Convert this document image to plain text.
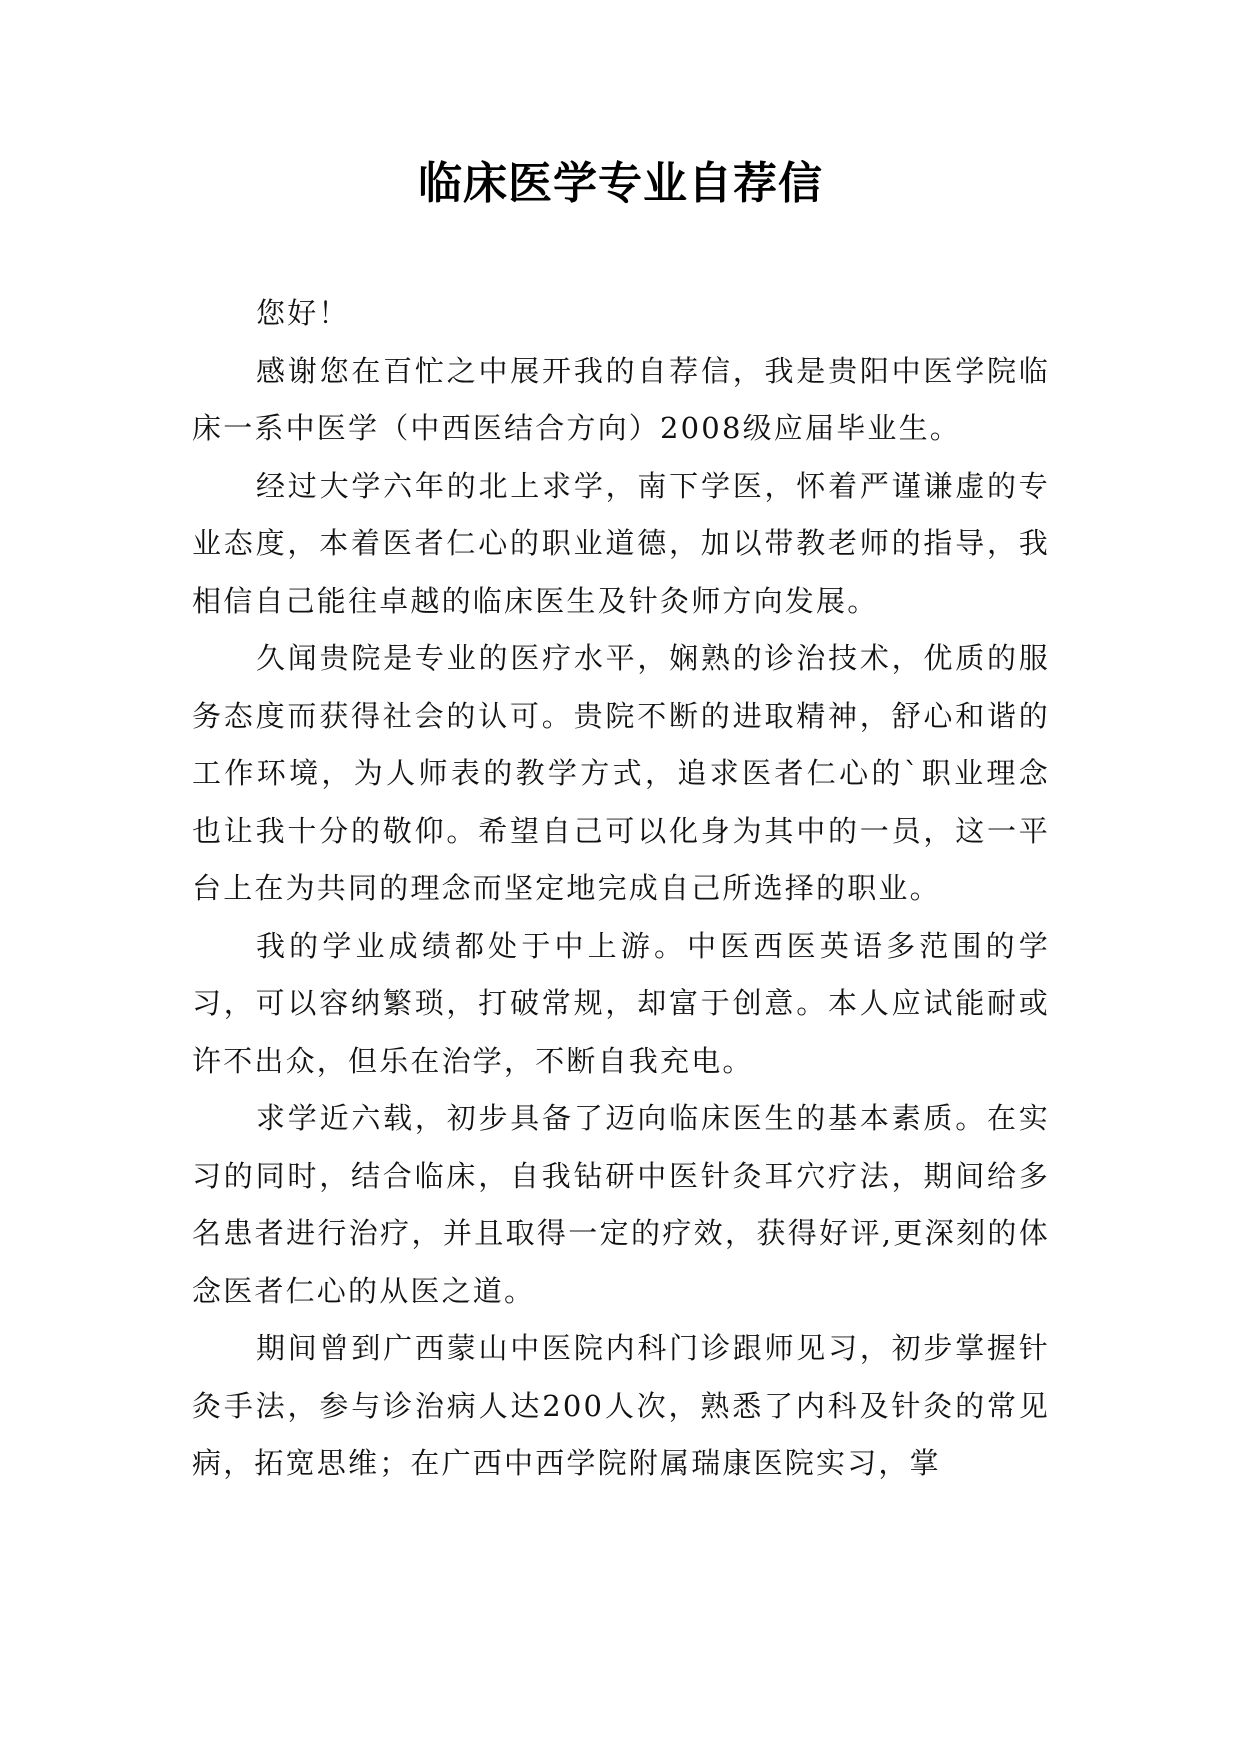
临床医学专业自荐信

您好！

感谢您在百忙之中展开我的自荐信，我是贵阳中医学院临床一系中医学（中西医结合方向）2008级应届毕业生。

经过大学六年的北上求学，南下学医，怀着严谨谦虚的专业态度，本着医者仁心的职业道德，加以带教老师的指导，我相信自己能往卓越的临床医生及针灸师方向发展。

久闻贵院是专业的医疗水平，娴熟的诊治技术，优质的服务态度而获得社会的认可。贵院不断的进取精神，舒心和谐的工作环境，为人师表的教学方式，追求医者仁心的`职业理念也让我十分的敬仰。希望自己可以化身为其中的一员，这一平台上在为共同的理念而坚定地完成自己所选择的职业。

我的学业成绩都处于中上游。中医西医英语多范围的学习，可以容纳繁琐，打破常规，却富于创意。本人应试能耐或许不出众，但乐在治学，不断自我充电。

求学近六载，初步具备了迈向临床医生的基本素质。在实习的同时，结合临床，自我钻研中医针灸耳穴疗法，期间给多名患者进行治疗，并且取得一定的疗效，获得好评,更深刻的体念医者仁心的从医之道。

期间曾到广西蒙山中医院内科门诊跟师见习，初步掌握针灸手法，参与诊治病人达200人次，熟悉了内科及针灸的常见病，拓宽思维；在广西中西学院附属瑞康医院实习，掌
